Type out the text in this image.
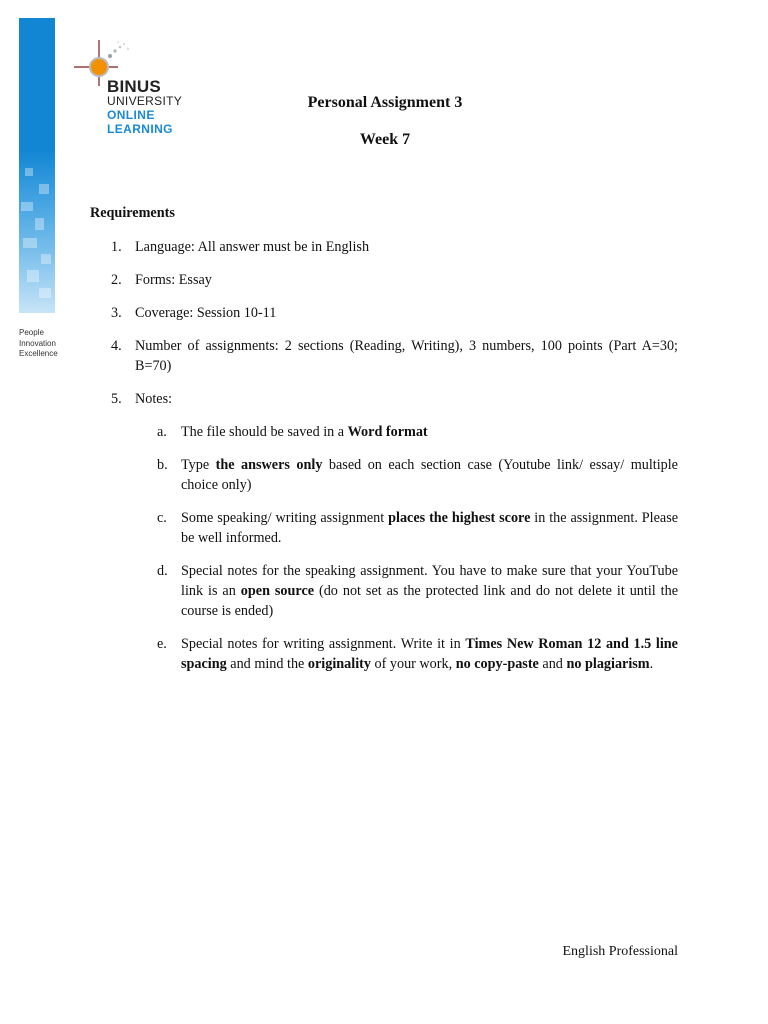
People
Innovation
Excellence
BINUS
UNIVERSITY
ONLINE
LEARNING
Personal Assignment 3
Week 7
Requirements
1. Language: All answer must be in English
2. Forms: Essay
3. Coverage: Session 10-11
4. Number of assignments: 2 sections (Reading, Writing), 3 numbers, 100 points (Part A=30; B=70)
5. Notes:
a. The file should be saved in a Word format
b. Type the answers only based on each section case (Youtube link/ essay/ multiple choice only)
c. Some speaking/ writing assignment places the highest score in the assignment. Please be well informed.
d. Special notes for the speaking assignment. You have to make sure that your YouTube link is an open source (do not set as the protected link and do not delete it until the course is ended)
e. Special notes for writing assignment. Write it in Times New Roman 12 and 1.5 line spacing and mind the originality of your work, no copy-paste and no plagiarism.
English Professional
